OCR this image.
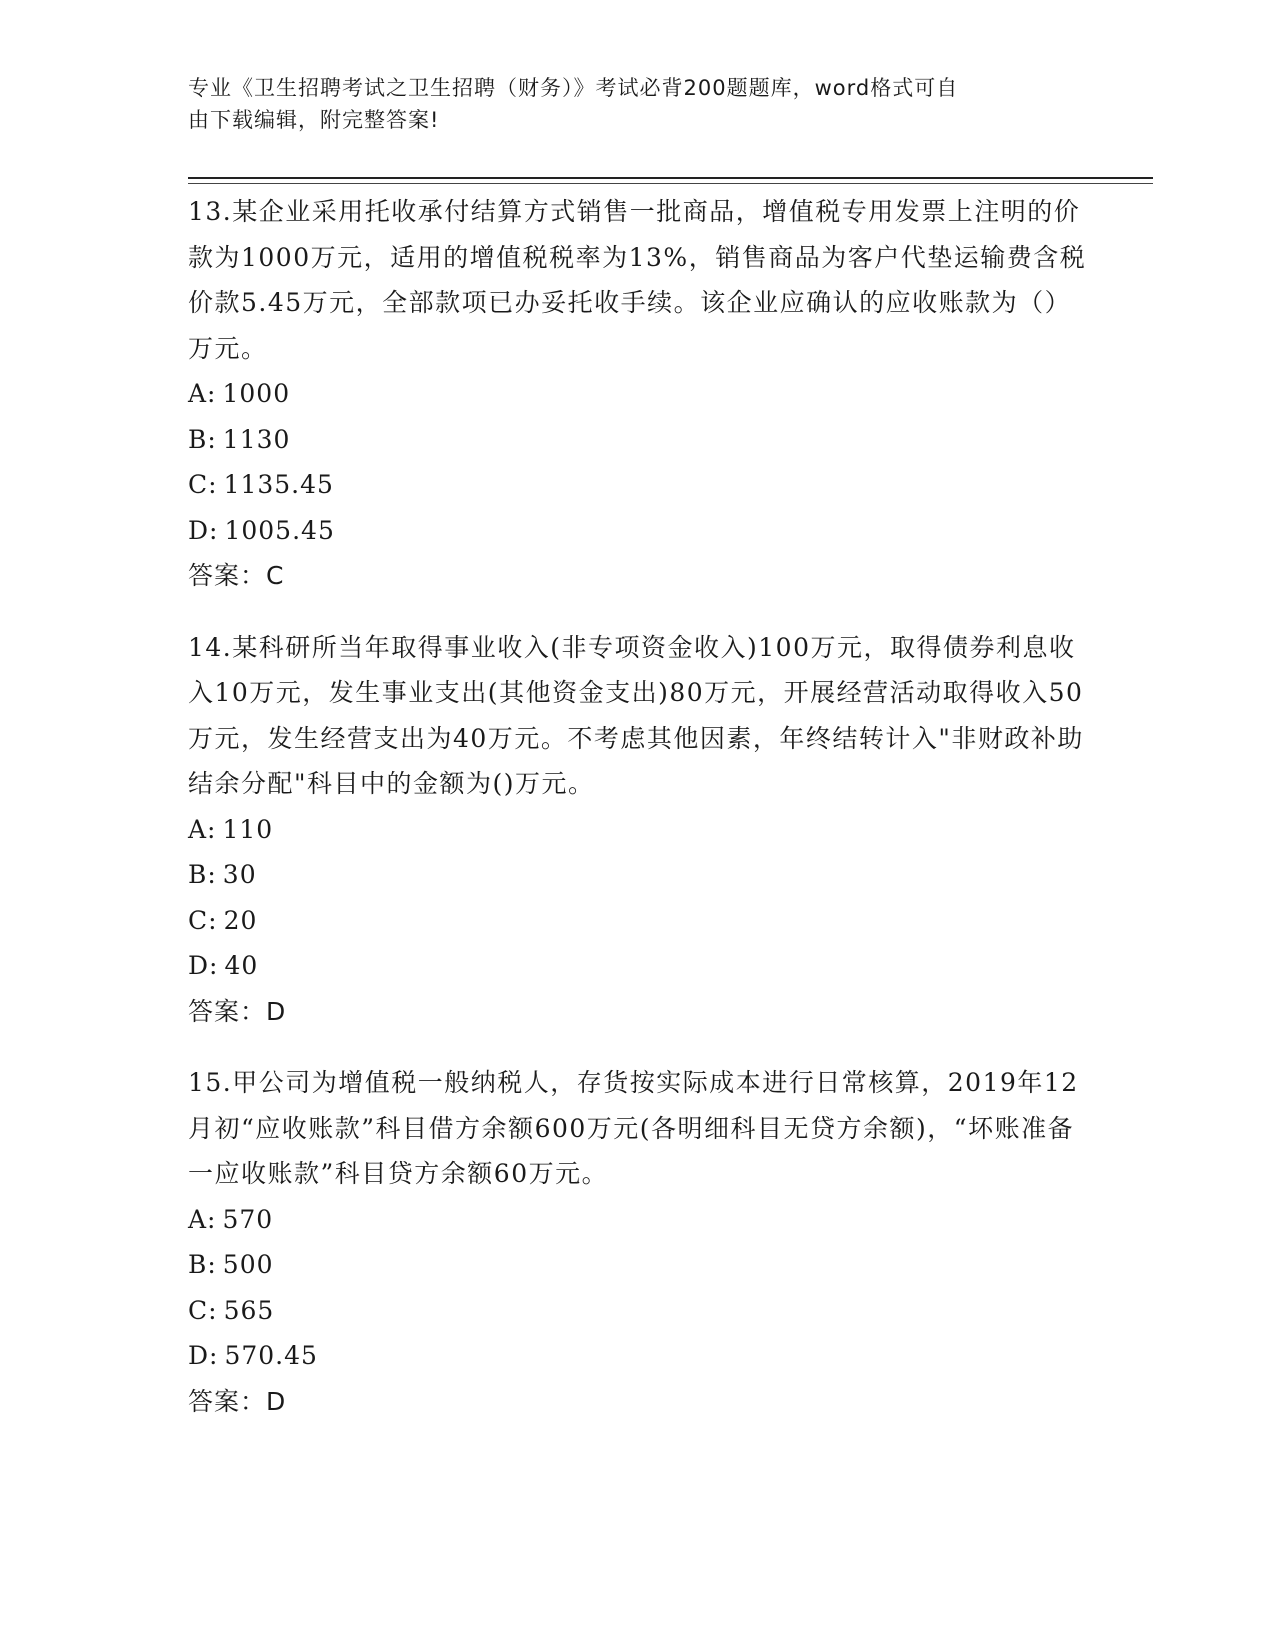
专业《卫生招聘考试之卫生招聘（财务）》考试必背200题题库，word格式可自
由下载编辑，附完整答案!

13.某企业采用托收承付结算方式销售一批商品，增值税专用发票上注明的价款为1000万元，适用的增值税税率为13%，销售商品为客户代垫运输费含税价款5.45万元，全部款项已办妥托收手续。该企业应确认的应收账款为（）万元。

A: 1000

B: 1130

C: 1135.45

D: 1005.45

答案：C

14.某科研所当年取得事业收入(非专项资金收入)100万元，取得债券利息收入10万元，发生事业支出(其他资金支出)80万元，开展经营活动取得收入50万元，发生经营支出为40万元。不考虑其他因素，年终结转计入"非财政补助结余分配"科目中的金额为()万元。

A: 110

B: 30

C: 20

D: 40

答案：D

15.甲公司为增值税一般纳税人，存货按实际成本进行日常核算，2019年12月初“应收账款”科目借方余额600万元(各明细科目无贷方余额)，“坏账准备一应收账款”科目贷方余额60万元。

A: 570

B: 500

C: 565

D: 570.45

答案：D
